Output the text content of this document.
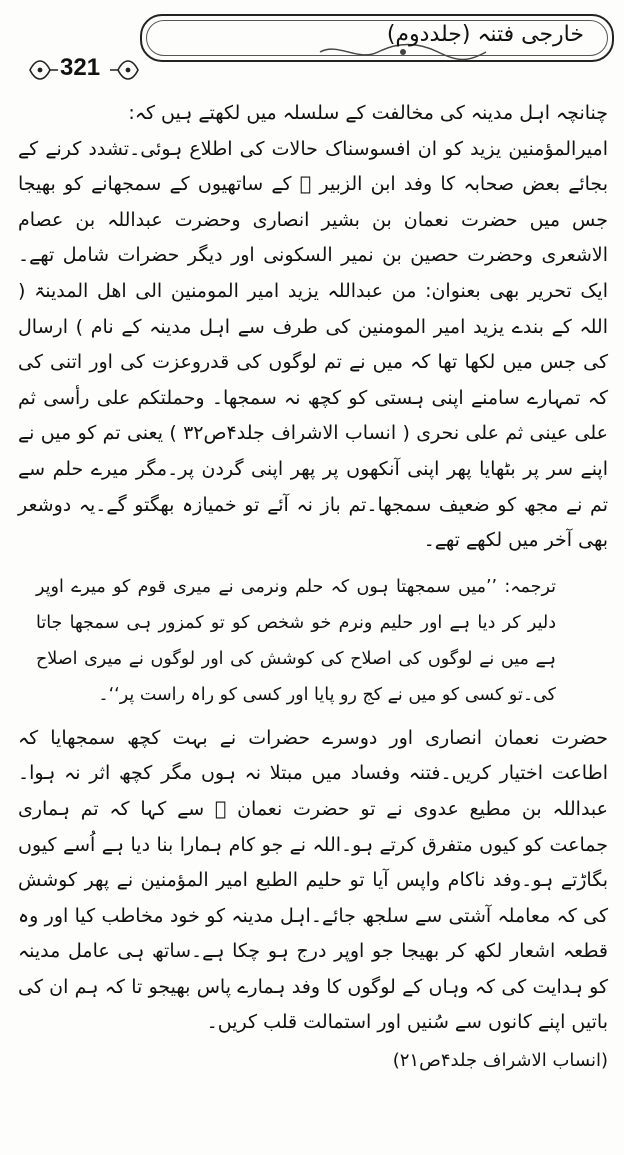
خارجی فتنہ (جلددوم)
321

چنانچہ اہل مدینہ کی مخالفت کے سلسلہ میں لکھتے ہیں کہ:

امیرالمؤمنین یزید کو ان افسوسناک حالات کی اطلاع ہوئی۔تشدد کرنے کے بجائے بعض صحابہ کا وفد ابن الزبیر ﷜ کے ساتھیوں کے سمجھانے کو بھیجا جس میں حضرت نعمان بن بشیر انصاری وحضرت عبداللہ بن عصام الاشعری وحضرت حصین بن نمیر السکونی اور دیگر حضرات شامل تھے۔ایک تحریر بھی بعنوان: من عبداللہ یزید امیر المومنین الی اھل المدینۃ ( اللہ کے بندے یزید امیر المومنین کی طرف سے اہل مدینہ کے نام ) ارسال کی جس میں لکھا تھا کہ میں نے تم لوگوں کی قدروعزت کی اور اتنی کی کہ تمہارے سامنے اپنی ہستی کو کچھ نہ سمجھا۔ وحملتکم علی رأسی ثم علی عینی ثم علی نحری ( انساب الاشراف جلد۴ص۳۲ ) یعنی تم کو میں نے اپنے سر پر بٹھایا پھر اپنی آنکھوں پر پھر اپنی گردن پر۔مگر میرے حلم سے تم نے مجھ کو ضعیف سمجھا۔تم باز نہ آئے تو خمیازہ بھگتو گے۔یہ دوشعر بھی آخر میں لکھے تھے۔

ترجمہ: ’’میں سمجھتا ہوں کہ حلم ونرمی نے میری قوم کو میرے اوپر دلیر کر دیا ہے اور حلیم ونرم خو شخص کو تو کمزور ہی سمجھا جاتا ہے میں نے لوگوں کی اصلاح کی کوشش کی اور لوگوں نے میری اصلاح کی۔تو کسی کو میں نے کج رو پایا اور کسی کو راہ راست پر‘‘۔

حضرت نعمان انصاری اور دوسرے حضرات نے بہت کچھ سمجھایا کہ اطاعت اختیار کریں۔فتنہ وفساد میں مبتلا نہ ہوں مگر کچھ اثر نہ ہوا۔عبداللہ بن مطیع عدوی نے تو حضرت نعمان ﷜ سے کہا کہ تم ہماری جماعت کو کیوں متفرق کرتے ہو۔اللہ نے جو کام ہمارا بنا دیا ہے اُسے کیوں بگاڑتے ہو۔وفد ناکام واپس آیا تو حلیم الطبع امیر المؤمنین نے پھر کوشش کی کہ معاملہ آشتی سے سلجھ جائے۔اہل مدینہ کو خود مخاطب کیا اور وہ قطعہ اشعار لکھ کر بھیجا جو اوپر درج ہو چکا ہے۔ساتھ ہی عامل مدینہ کو ہدایت کی کہ وہاں کے لوگوں کا وفد ہمارے پاس بھیجو تا کہ ہم ان کی باتیں اپنے کانوں سے سُنیں اور استمالت قلب کریں۔

(انساب الاشراف جلد۴ص۲۱)
